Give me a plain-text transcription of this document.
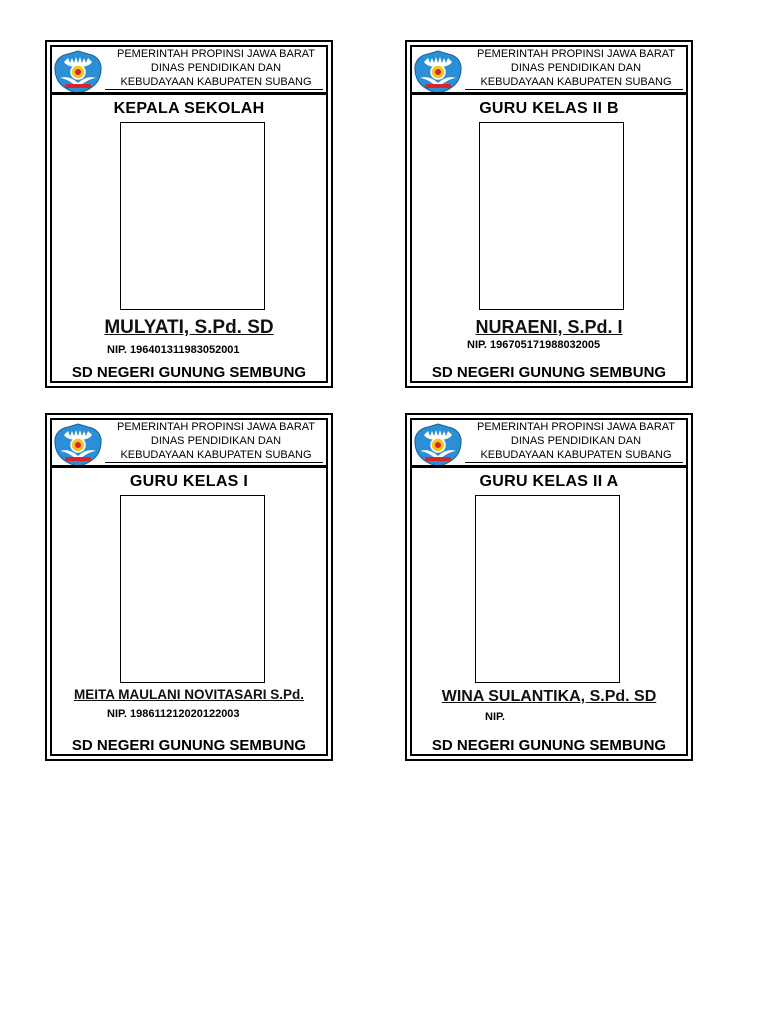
PEMERINTAH PROPINSI JAWA BARAT
DINAS PENDIDIKAN DAN
KEBUDAYAAN KABUPATEN SUBANG
KEPALA SEKOLAH
MULYATI, S.Pd. SD
NIP. 196401311983052001
SD NEGERI GUNUNG SEMBUNG
PEMERINTAH PROPINSI JAWA BARAT
DINAS PENDIDIKAN DAN
KEBUDAYAAN KABUPATEN SUBANG
GURU KELAS II B
NURAENI, S.Pd. I
NIP. 196705171988032005
SD NEGERI GUNUNG SEMBUNG
PEMERINTAH PROPINSI JAWA BARAT
DINAS PENDIDIKAN DAN
KEBUDAYAAN KABUPATEN SUBANG
GURU KELAS I
MEITA MAULANI NOVITASARI S.Pd.
NIP. 198611212020122003
SD NEGERI GUNUNG SEMBUNG
PEMERINTAH PROPINSI JAWA BARAT
DINAS PENDIDIKAN DAN
KEBUDAYAAN KABUPATEN SUBANG
GURU KELAS II A
WINA SULANTIKA, S.Pd. SD
NIP.
SD NEGERI GUNUNG SEMBUNG
